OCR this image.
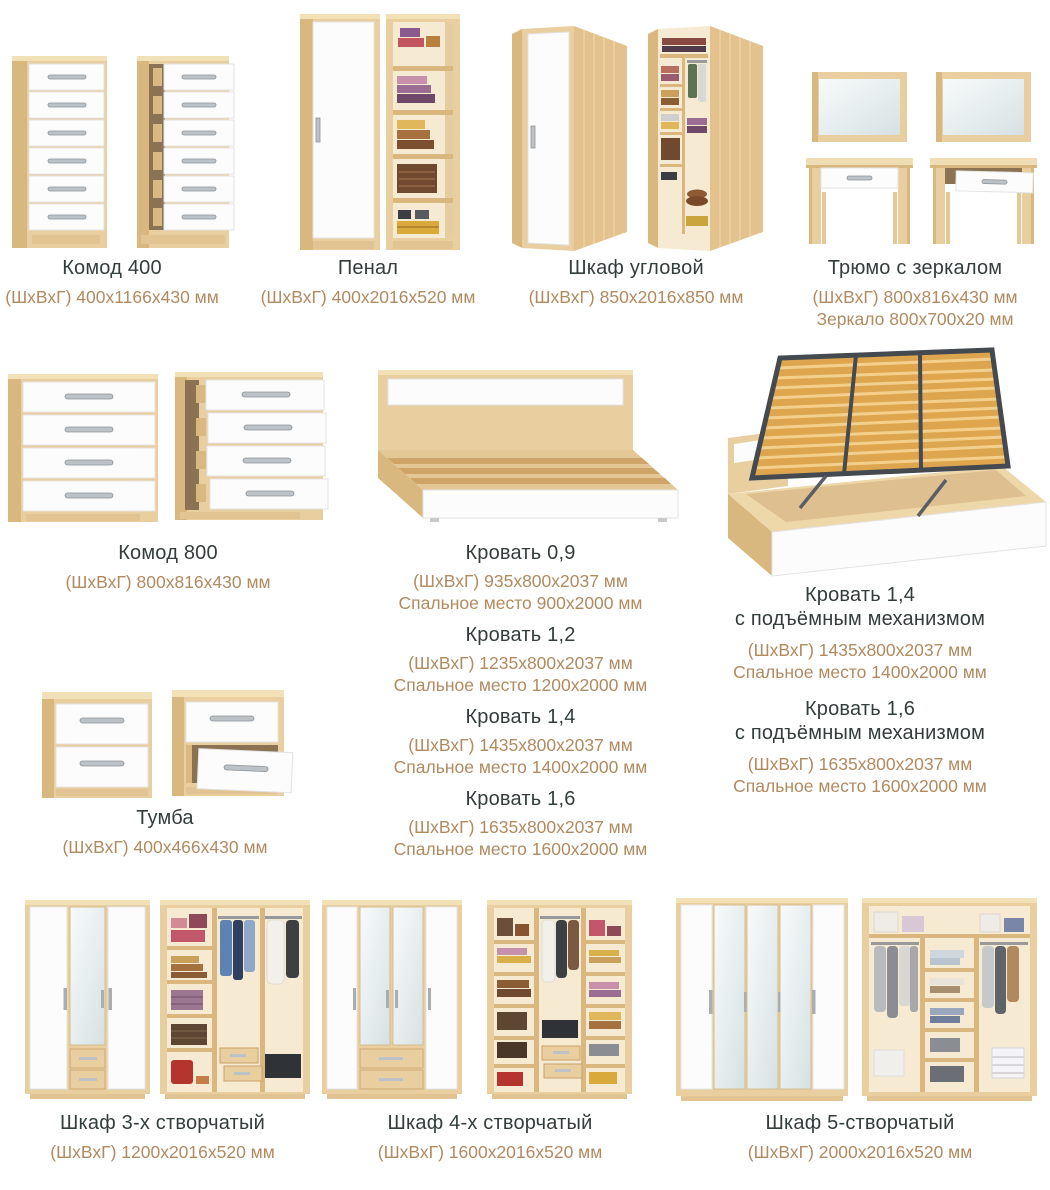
Комод 400
(ШхВхГ) 400х1166х430 мм
Пенал
(ШхВхГ) 400х2016х520 мм
Шкаф угловой
(ШхВхГ) 850х2016х850 мм
Трюмо с зеркалом
(ШхВхГ) 800х816х430 мм
Зеркало 800х700х20 мм
Комод 800
(ШхВхГ) 800х816х430 мм
Кровать 0,9
(ШхВхГ) 935х800х2037 мм
Спальное место 900х2000 мм
Кровать 1,2
(ШхВхГ) 1235х800х2037 мм
Спальное место 1200х2000 мм
Кровать 1,4
(ШхВхГ) 1435х800х2037 мм
Спальное место 1400х2000 мм
Кровать 1,6
(ШхВхГ) 1635х800х2037 мм
Спальное место 1600х2000 мм
Кровать 1,4
с подъёмным механизмом
(ШхВхГ) 1435х800х2037 мм
Спальное место 1400х2000 мм
Кровать 1,6
с подъёмным механизмом
(ШхВхГ) 1635х800х2037 мм
Спальное место 1600х2000 мм
Тумба
(ШхВхГ) 400х466х430 мм
Шкаф 3-х створчатый
(ШхВхГ) 1200х2016х520 мм
Шкаф 4-х створчатый
(ШхВхГ) 1600х2016х520 мм
Шкаф 5-створчатый
(ШхВхГ) 2000х2016х520 мм
